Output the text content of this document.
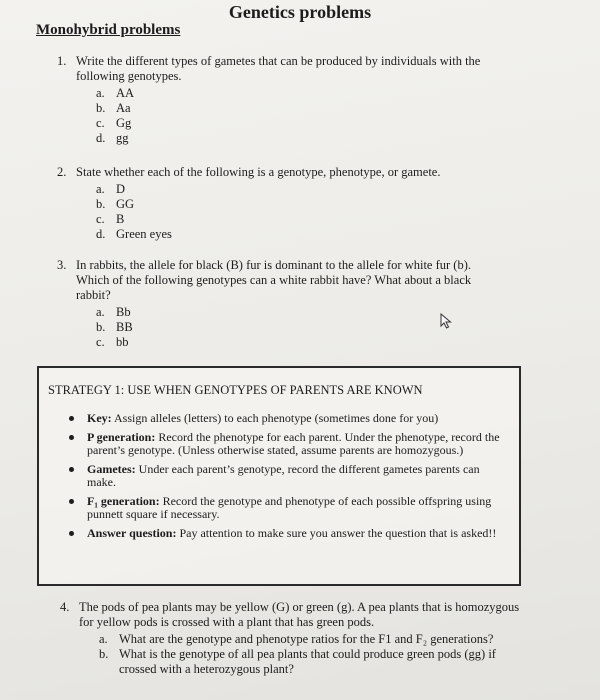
Genetics problems
Monohybrid problems
1. Write the different types of gametes that can be produced by individuals with the following genotypes.
a. AA
b. Aa
c. Gg
d. gg
2. State whether each of the following is a genotype, phenotype, or gamete.
a. D
b. GG
c. B
d. Green eyes
3. In rabbits, the allele for black (B) fur is dominant to the allele for white fur (b). Which of the following genotypes can a white rabbit have? What about a black rabbit?
a. Bb
b. BB
c. bb
STRATEGY 1: USE WHEN GENOTYPES OF PARENTS ARE KNOWN
Key: Assign alleles (letters) to each phenotype (sometimes done for you)
P generation: Record the phenotype for each parent. Under the phenotype, record the parent’s genotype. (Unless otherwise stated, assume parents are homozygous.)
Gametes: Under each parent’s genotype, record the different gametes parents can make.
F₁ generation: Record the genotype and phenotype of each possible offspring using punnett square if necessary.
Answer question: Pay attention to make sure you answer the question that is asked!!
4. The pods of pea plants may be yellow (G) or green (g). A pea plants that is homozygous for yellow pods is crossed with a plant that has green pods.
a. What are the genotype and phenotype ratios for the F1 and F₂ generations?
b. What is the genotype of all pea plants that could produce green pods (gg) if crossed with a heterozygous plant?
